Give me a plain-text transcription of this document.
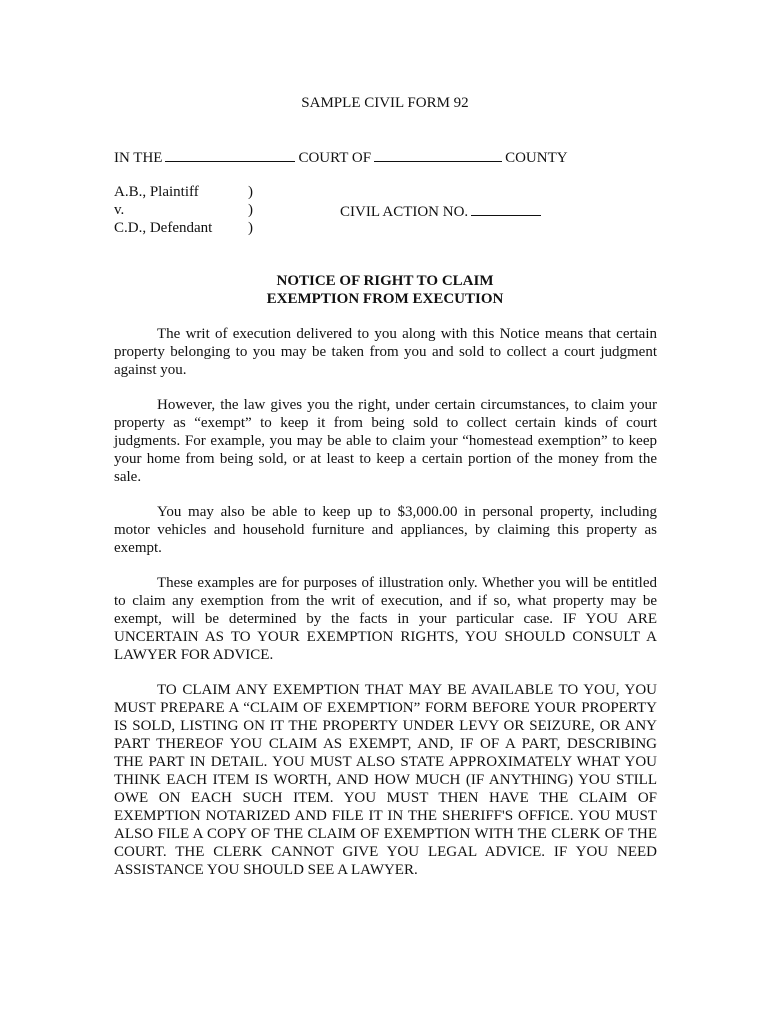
SAMPLE CIVIL FORM 92
IN THE	COURT OF	COUNTY
A.B., Plaintiff	)
v.	)	CIVIL ACTION NO.
C.D., Defendant )
NOTICE OF RIGHT TO CLAIM
EXEMPTION FROM EXECUTION

The writ of execution delivered to you along with this Notice means that certain property belonging to you may be taken from you and sold to collect a court judgment against you.

However, the law gives you the right, under certain circumstances, to claim your property as “exempt” to keep it from being sold to collect certain kinds of court judgments. For example, you may be able to claim your “homestead exemption” to keep your home from being sold, or at least to keep a certain portion of the money from the sale.

You may also be able to keep up to $3,000.00 in personal property, including motor vehicles and household furniture and appliances, by claiming this property as exempt.

These examples are for purposes of illustration only. Whether you will be entitled to claim any exemption from the writ of execution, and if so, what property may be exempt, will be determined by the facts in your particular case. IF YOU ARE UNCERTAIN AS TO YOUR EXEMPTION RIGHTS, YOU SHOULD CONSULT A LAWYER FOR ADVICE.

TO CLAIM ANY EXEMPTION THAT MAY BE AVAILABLE TO YOU, YOU MUST PREPARE A “CLAIM OF EXEMPTION” FORM BEFORE YOUR PROPERTY IS SOLD, LISTING ON IT THE PROPERTY UNDER LEVY OR SEIZURE, OR ANY PART THEREOF YOU CLAIM AS EXEMPT, AND, IF OF A PART, DESCRIBING THE PART IN DETAIL. YOU MUST ALSO STATE APPROXIMATELY WHAT YOU THINK EACH ITEM IS WORTH, AND HOW MUCH (IF ANYTHING) YOU STILL OWE ON EACH SUCH ITEM. YOU MUST THEN HAVE THE CLAIM OF EXEMPTION NOTARIZED AND FILE IT IN THE SHERIFF'S OFFICE. YOU MUST ALSO FILE A COPY OF THE CLAIM OF EXEMPTION WITH THE CLERK OF THE COURT. THE CLERK CANNOT GIVE YOU LEGAL ADVICE. IF YOU NEED ASSISTANCE YOU SHOULD SEE A LAWYER.
